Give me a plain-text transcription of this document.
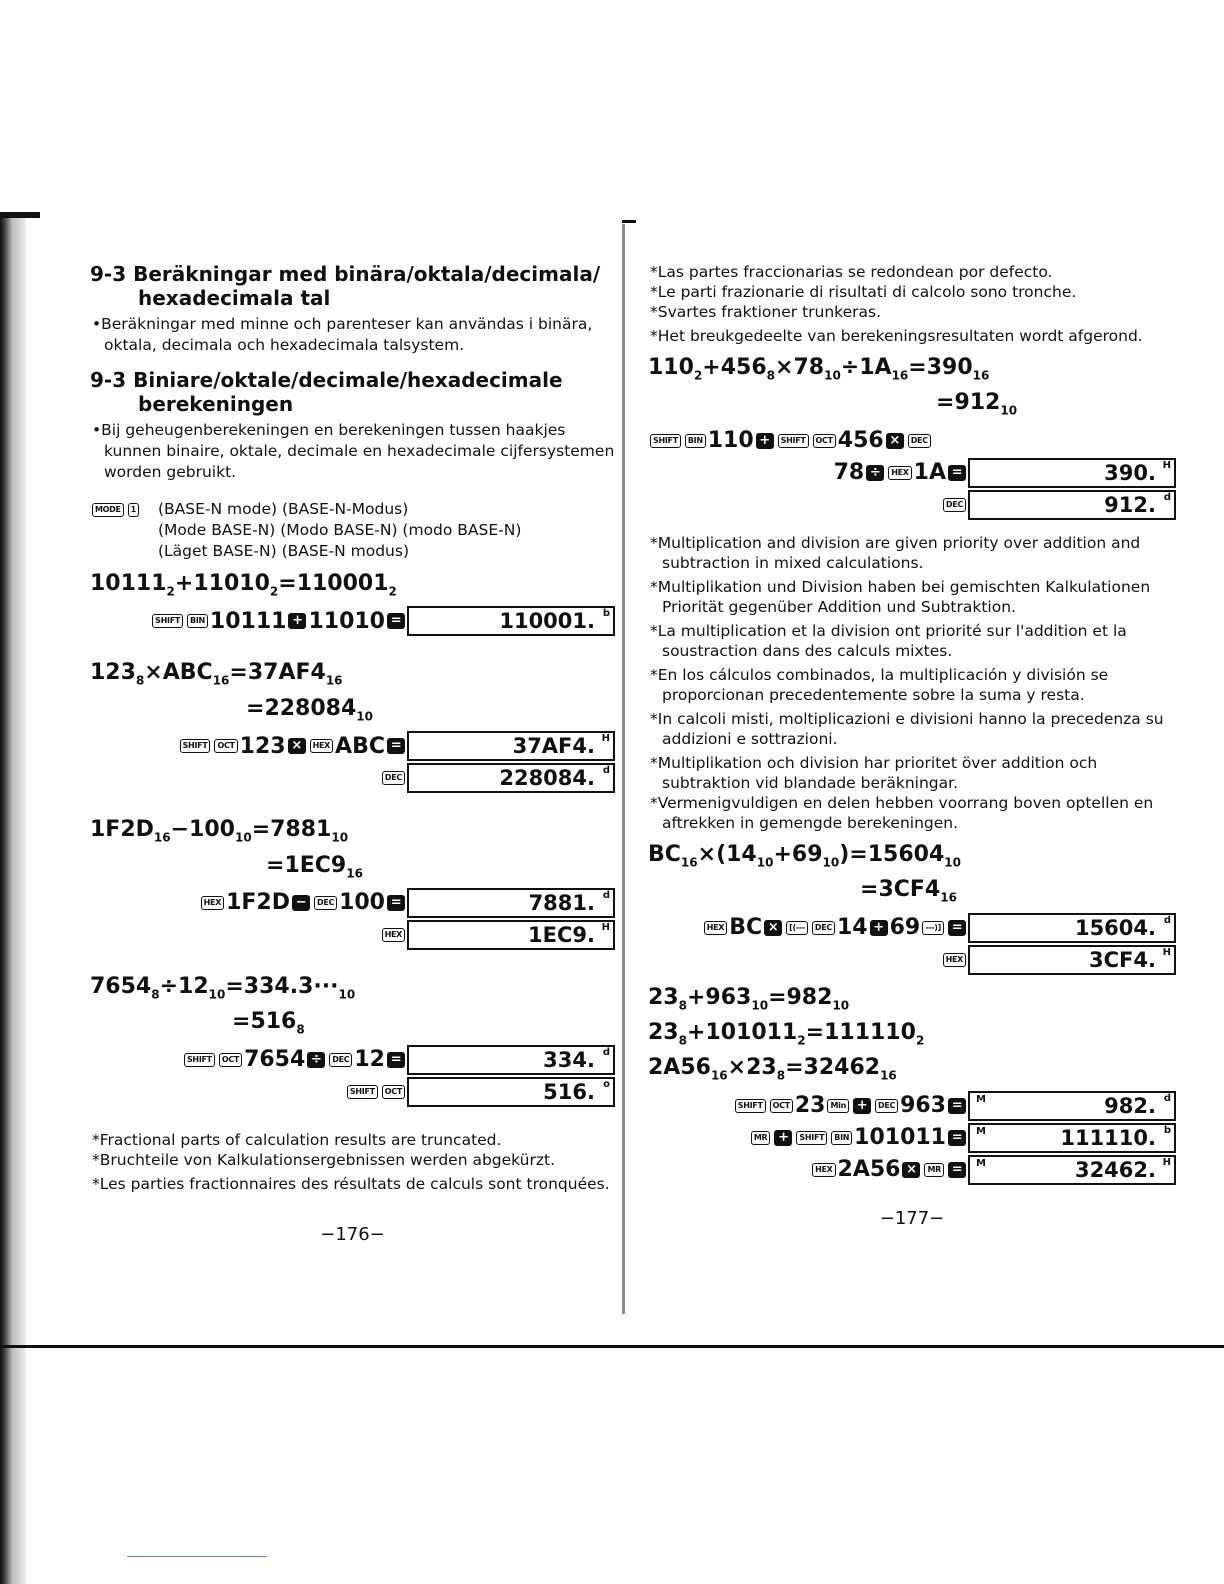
9-3 Beräkningar med binära/oktala/decimala/
hexadecimala tal

•Beräkningar med minne och parenteser kan användas i binära, oktala, decimala och hexadecimala talsystem.

9-3 Biniare/oktale/decimale/hexadecimale
berekeningen

•Bij geheugenberekeningen en berekeningen tussen haakjes kunnen binaire, oktale, decimale en hexadecimale cijfersystemen worden gebruikt.

MODE 1	(BASE-N mode) (BASE-N-Modus)
(Mode BASE-N) (Modo BASE-N) (modo BASE-N)
(Läget BASE-N) (BASE-N modus)
$10111_2+11010_2=110001_2$
SHIFT	BIN 10111 + 11010 =	110001. b
$123_8\times ABC_{16}=37AF4_{16}$
$=228084_{10}$
SHIFT	OCT 123 ×	HEX ABC =	37AF4. H
DEC	228084. d
$1F2D_{16}-100_{10}=7881_{10}$
$=1EC9_{16}$
HEX 1F2D −	DEC 100 =	7881. d
HEX	1EC9. H
$7654_8\div 12_{10}=334.3\cdot\cdot\cdot_{10}$
$=516_8$
SHIFT	OCT 7654 ÷	DEC 12 =	334. d
SHIFT	OCT	516. o

*Fractional parts of calculation results are truncated.

*Bruchteile von Kalkulationsergebnissen werden abgekürzt.

*Les parties fractionnaires des résultats de calculs sont tronquées.

−176−

*Las partes fraccionarias se redondean por defecto.

*Le parti frazionarie di risultati di calcolo sono tronche.

*Svartes fraktioner trunkeras.

*Het breukgedeelte van berekeningsresultaten wordt afgerond.

$110_2+456_8\times 78_{10}\div 1A_{16}=390_{16}$
$=912_{10}$
SHIFT	BIN 110 +	SHIFT	OCT 456 ×	DEC
78 ÷	HEX 1A =	390. H
DEC	912. d

*Multiplication and division are given priority over addition and subtraction in mixed calculations.

*Multiplikation und Division haben bei gemischten Kalkulationen Priorität gegenüber Addition und Subtraktion.

*La multiplication et la division ont priorité sur l'addition et la soustraction dans des calculs mixtes.

*En los cálculos combinados, la multiplicación y división se proporcionan precedentemente sobre la suma y resta.

*In calcoli misti, moltiplicazioni e divisioni hanno la precedenza su addizioni e sottrazioni.

*Multiplikation och division har prioritet över addition och subtraktion vid blandade beräkningar.

*Vermenigvuldigen en delen hebben voorrang boven optellen en aftrekken in gemengde berekeningen.

$BC_{16}\times(14_{10}+69_{10})=15604_{10}$
$=3CF4_{16}$
HEX BC ×	[(---	DEC 14 + 69 ---)] =	15604. d
HEX	3CF4. H
$23_8+963_{10}=982_{10}$
$23_8+101011_2=111110_2$
$2A56_{16}\times 23_8=32462_{16}$
SHIFT	OCT 23 Min +	DEC 963 =	M	982. d
MR +	SHIFT	BIN 101011 =	M	111110. b
HEX 2A56 ×	MR =	M	32462. H
−177−
